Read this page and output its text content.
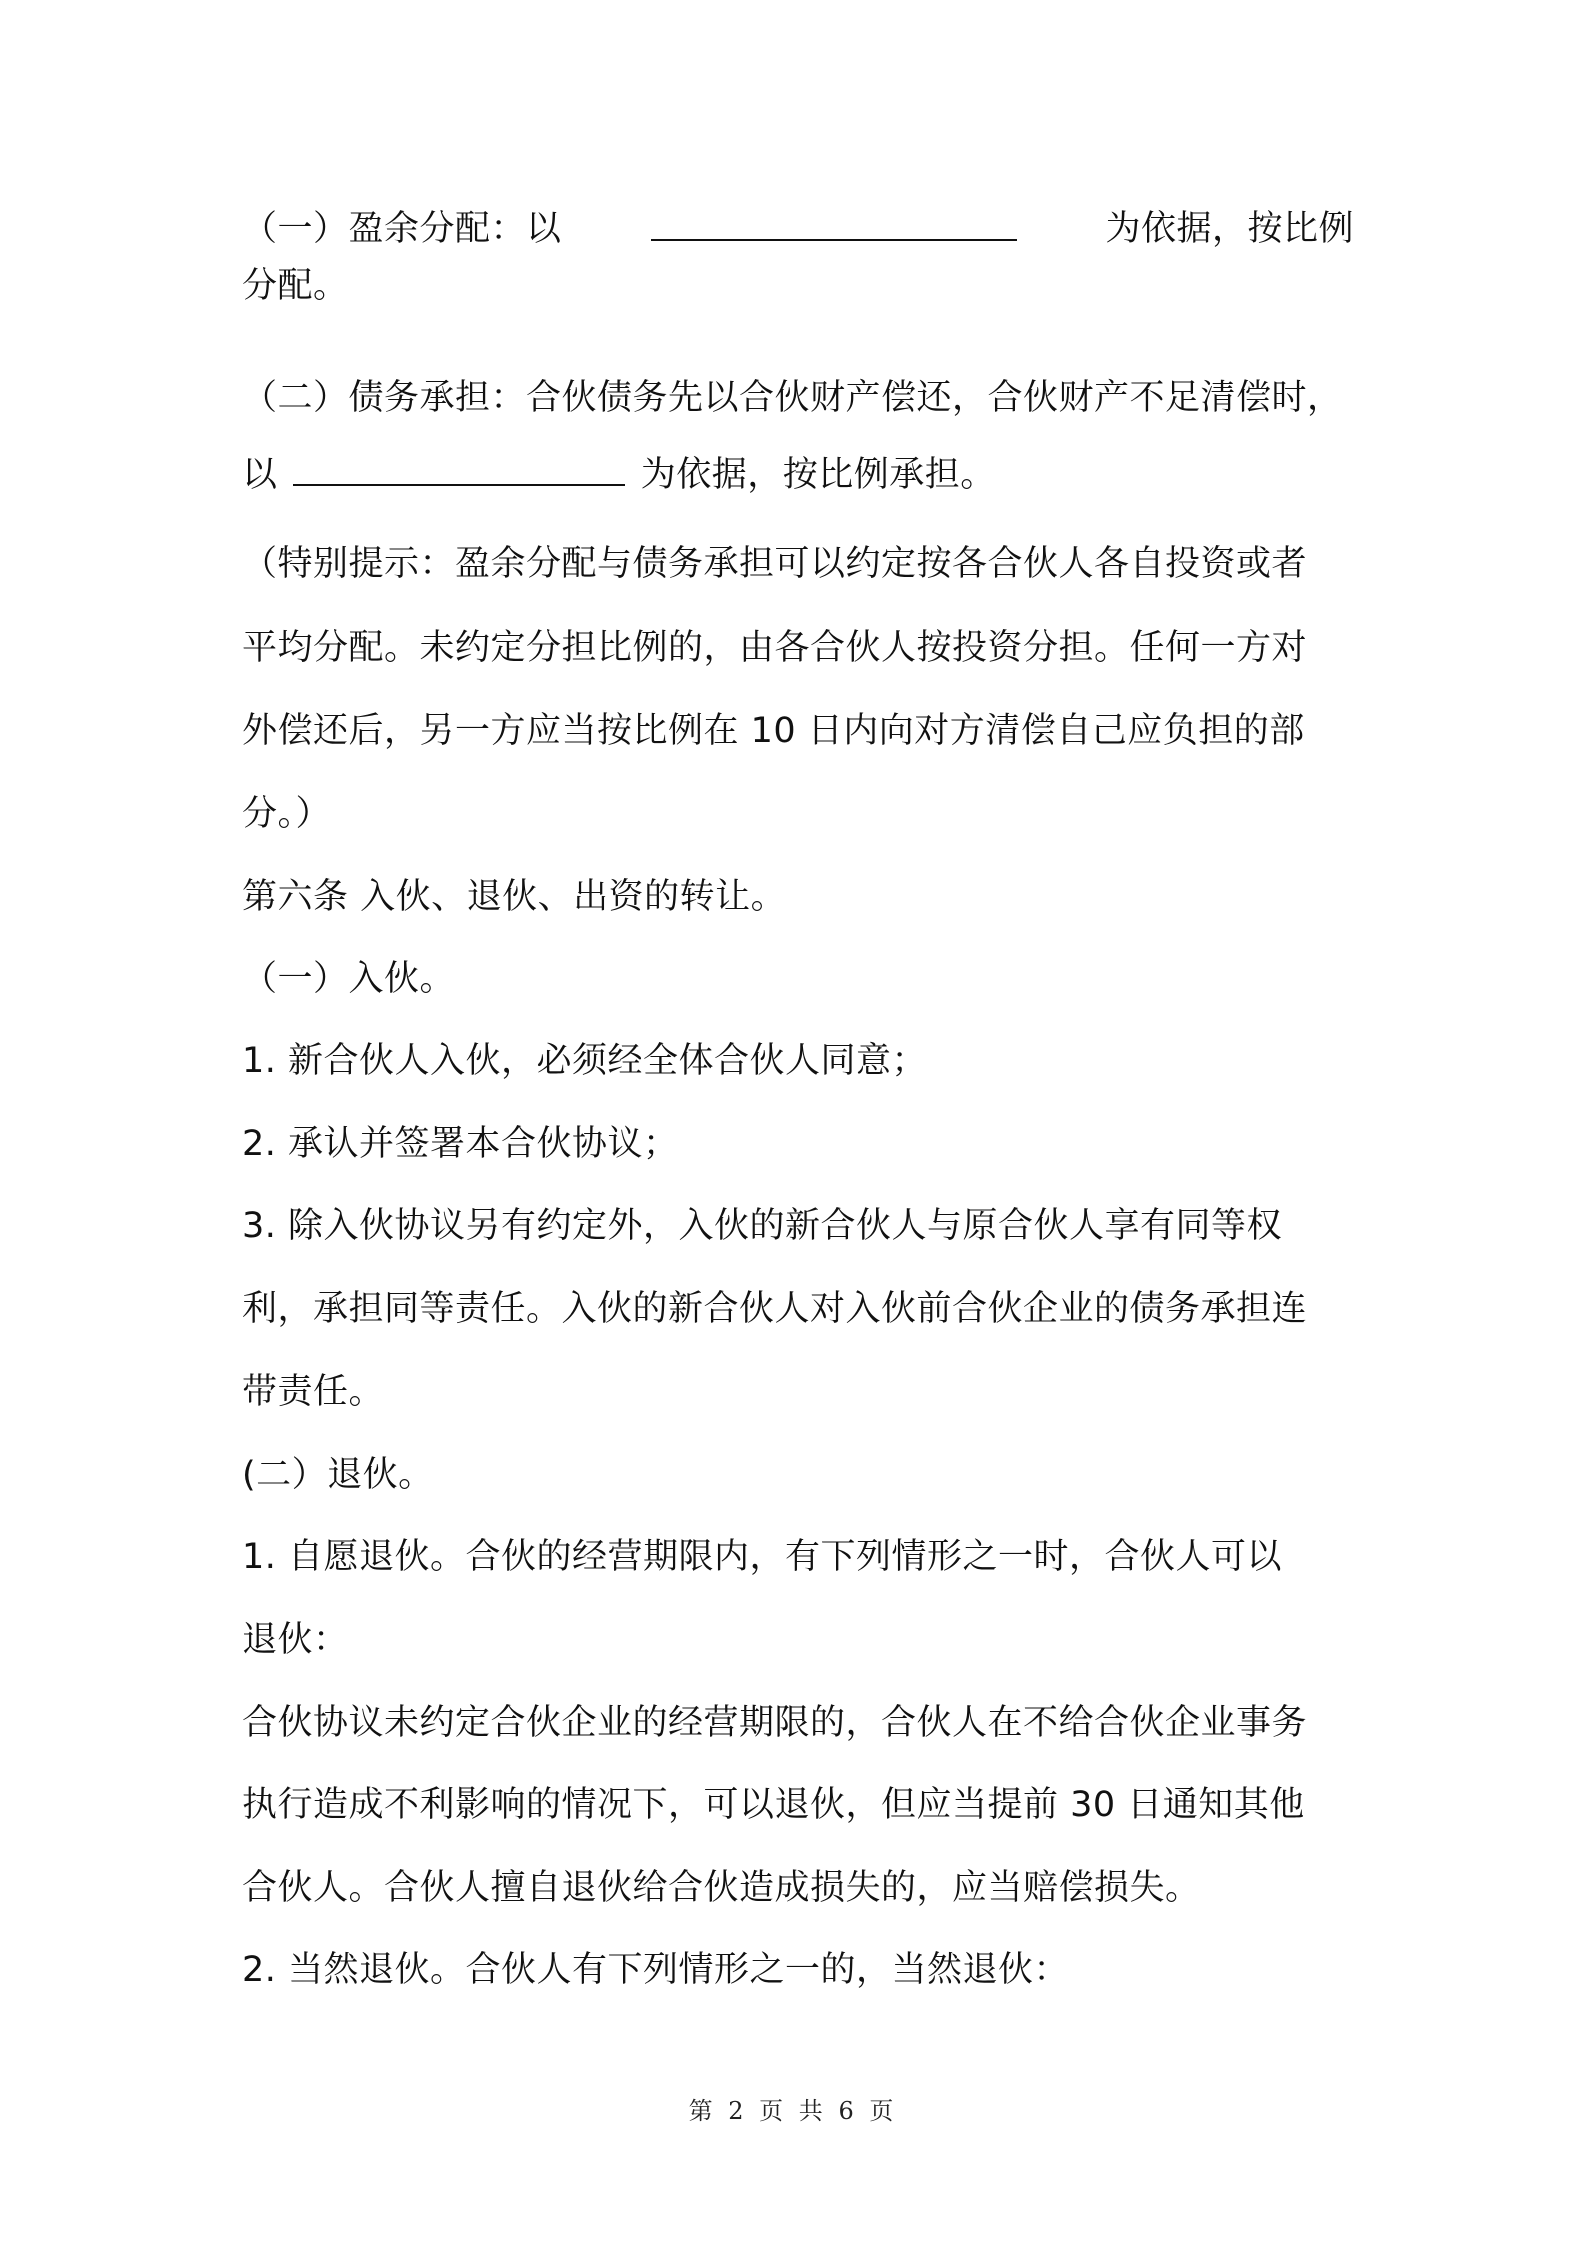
（一）盈余分配：以	为依据，按比例
分配。
（二）债务承担：合伙债务先以合伙财产偿还，合伙财产不足清偿时，
以	为依据，按比例承担。
（特别提示：盈余分配与债务承担可以约定按各合伙人各自投资或者
平均分配。未约定分担比例的，由各合伙人按投资分担。任何一方对
外偿还后，另一方应当按比例在 10 日内向对方清偿自己应负担的部
分。）
第六条 入伙、退伙、出资的转让。
（一）入伙。
1. 新合伙人入伙，必须经全体合伙人同意；
2. 承认并签署本合伙协议；
3. 除入伙协议另有约定外，入伙的新合伙人与原合伙人享有同等权
利，承担同等责任。入伙的新合伙人对入伙前合伙企业的债务承担连
带责任。
(二）退伙。
1. 自愿退伙。合伙的经营期限内，有下列情形之一时，合伙人可以
退伙：
合伙协议未约定合伙企业的经营期限的，合伙人在不给合伙企业事务
执行造成不利影响的情况下，可以退伙，但应当提前 30 日通知其他
合伙人。合伙人擅自退伙给合伙造成损失的，应当赔偿损失。
2. 当然退伙。合伙人有下列情形之一的，当然退伙：
第 2 页 共 6 页
